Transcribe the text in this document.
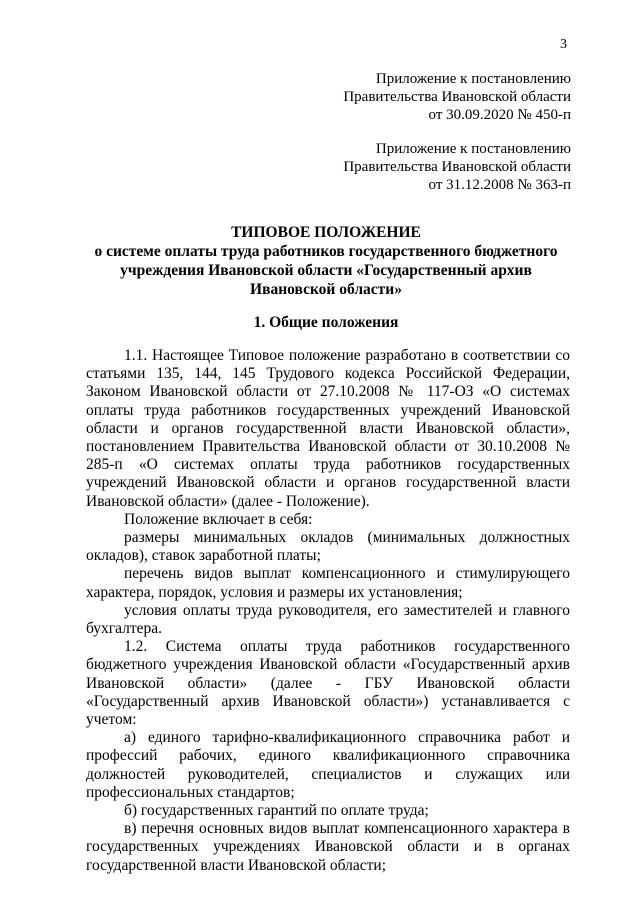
3
Приложение к постановлению
Правительства Ивановской области
от 30.09.2020 № 450-п
Приложение к постановлению
Правительства Ивановской области
от 31.12.2008 № 363-п
ТИПОВОЕ ПОЛОЖЕНИЕ
о системе оплаты труда работников государственного бюджетного
учреждения Ивановской области «Государственный архив
Ивановской области»
1. Общие положения

1.1. Настоящее Типовое положение разработано в соответствии со статьями 135, 144, 145 Трудового кодекса Российской Федерации, Законом Ивановской области от 27.10.2008 № 117-ОЗ «О системах оплаты труда работников государственных учреждений Ивановской области и органов государственной власти Ивановской области», постановлением Правительства Ивановской области от 30.10.2008 № 285-п «О системах оплаты труда работников государственных учреждений Ивановской области и органов государственной власти Ивановской области» (далее - Положение).

Положение включает в себя:

размеры минимальных окладов (минимальных должностных окладов), ставок заработной платы;

перечень видов выплат компенсационного и стимулирующего характера, порядок, условия и размеры их установления;

условия оплаты труда руководителя, его заместителей и главного бухгалтера.

1.2. Система оплаты труда работников государственного бюджетного учреждения Ивановской области «Государственный архив Ивановской области» (далее - ГБУ Ивановской области «Государственный архив Ивановской области») устанавливается с учетом:

а) единого тарифно-квалификационного справочника работ и профессий рабочих, единого квалификационного справочника должностей руководителей, специалистов и служащих или профессиональных стандартов;

б) государственных гарантий по оплате труда;

в) перечня основных видов выплат компенсационного характера в государственных учреждениях Ивановской области и в органах государственной власти Ивановской области;
